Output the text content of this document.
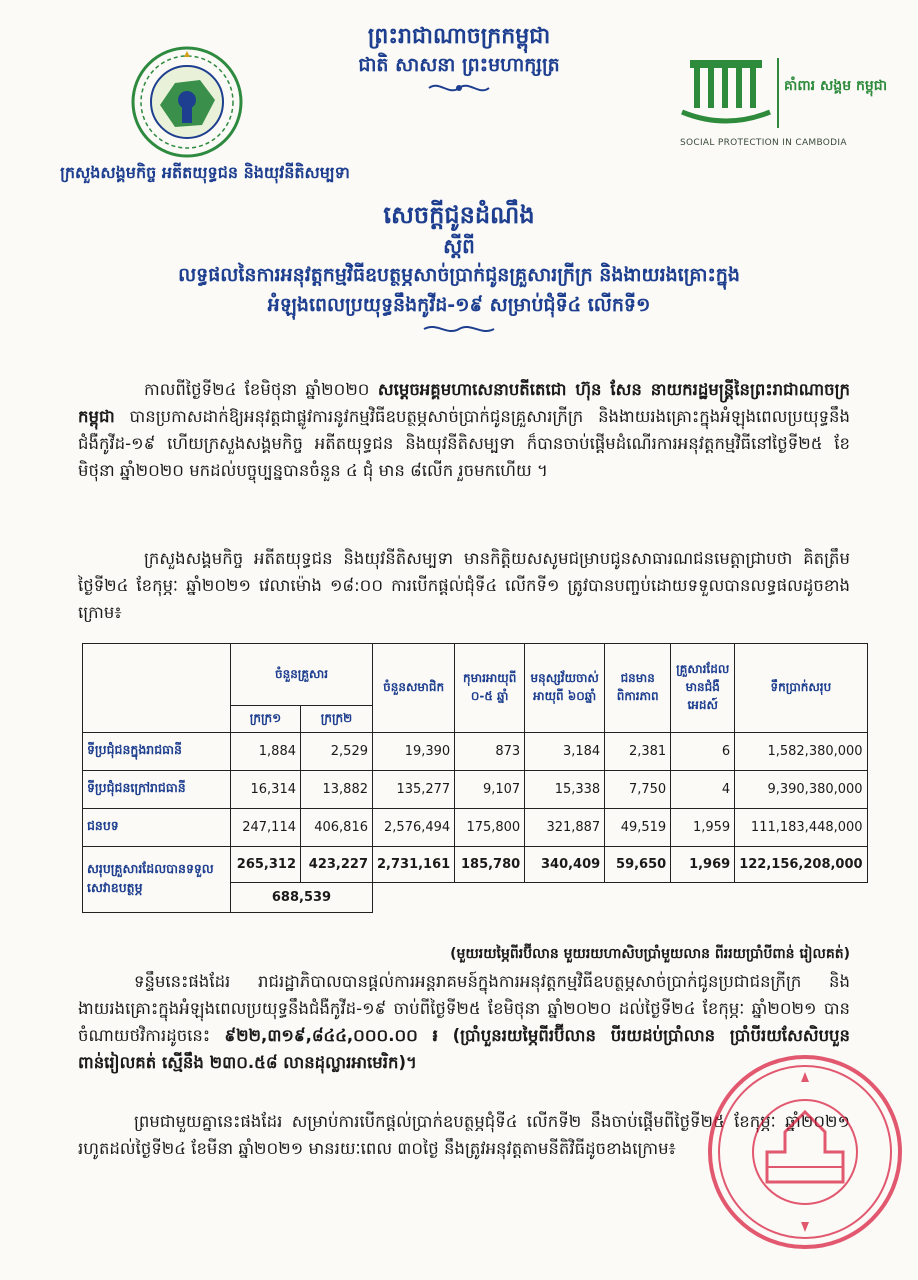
ព្រះរាជាណាចក្រកម្ពុជា
ជាតិ សាសនា ព្រះមហាក្សត្រ
ក្រសួងសង្គមកិច្ច អតីតយុទ្ធជន និងយុវនីតិសម្បទា
គាំពារ សង្គម កម្ពុជា
SOCIAL PROTECTION IN CAMBODIA
សេចក្តីជូនដំណឹង
ស្តីពី
លទ្ធផលនៃការអនុវត្តកម្មវិធីឧបត្ថម្ភសាច់ប្រាក់ជូនគ្រួសារក្រីក្រ និងងាយរងគ្រោះក្នុង
អំឡុងពេលប្រយុទ្ធនឹងកូវីដ-១៩ សម្រាប់ជុំទី៤ លើកទី១
កាលពីថ្ងៃទី២៤ ខែមិថុនា ឆ្នាំ២០២០ សម្តេចអគ្គមហាសេនាបតីតេជោ ហ៊ុន សែន នាយករដ្ឋមន្ត្រីនៃព្រះរាជាណាចក្រកម្ពុជា បានប្រកាសដាក់ឱ្យអនុវត្តជាផ្លូវការនូវកម្មវិធីឧបត្ថម្ភសាច់ប្រាក់ជូនគ្រួសារក្រីក្រ និងងាយរងគ្រោះក្នុងអំឡុងពេលប្រយុទ្ធនឹងជំងឺកូវីដ-១៩ ហើយក្រសួងសង្គមកិច្ច អតីតយុទ្ធជន និងយុវនីតិសម្បទា ក៏បានចាប់ផ្តើមដំណើរការអនុវត្តកម្មវិធីនៅថ្ងៃទី២៥ ខែមិថុនា ឆ្នាំ២០២០ មកដល់បច្ចុប្បន្នបានចំនួន ៤ ជុំ មាន ៨លើក រួចមកហើយ ។
ក្រសួងសង្គមកិច្ច អតីតយុទ្ធជន និងយុវនីតិសម្បទា មានកិត្តិយសសូមជម្រាបជូនសាធារណជនមេត្តាជ្រាបថា គិតត្រឹមថ្ងៃទី២៤ ខែកុម្ភៈ ឆ្នាំ២០២១ វេលាម៉ោង ១៨:០០ ការបើកផ្តល់ជុំទី៤ លើកទី១ ត្រូវបានបញ្ចប់ដោយទទួលបានលទ្ធផលដូចខាងក្រោម៖
	ចំនួនគ្រួសារ		ចំនួនសមាជិក	កុមារអាយុពី ០-៥ ឆ្នាំ	មនុស្សវ័យចាស់អាយុពី ៦០ឆ្នាំ	ជនមានពិការភាព	គ្រួសារដែលមានជំងឺអេដស៍	ទឹកប្រាក់សរុប
	ក្រក្រ១	ក្រក្រ២						
ទីប្រជុំជនក្នុងរាជធានី	1,884	2,529	19,390	873	3,184	2,381	6	1,582,380,000
ទីប្រជុំជនក្រៅរាជធានី	16,314	13,882	135,277	9,107	15,338	7,750	4	9,390,380,000
ជនបទ	247,114	406,816	2,576,494	175,800	321,887	49,519	1,959	111,183,448,000
សរុបគ្រួសារដែលបានទទួលសេវាឧបត្ថម្ភ	265,312	423,227	2,731,161	185,780	340,409	59,650	1,969	122,156,208,000
	688,539							
(មួយរយម្ភៃពីរប៊ីលាន មួយរយហាសិបប្រាំមួយលាន ពីររយប្រាំបីពាន់ រៀលគត់)
ទន្ទឹមនេះផងដែរ រាជរដ្ឋាភិបាលបានផ្តល់ការអន្តរាគមន៍ក្នុងការអនុវត្តកម្មវិធីឧបត្ថម្ភសាច់ប្រាក់ជូនប្រជាជនក្រីក្រ និងងាយរងគ្រោះក្នុងអំឡុងពេលប្រយុទ្ធនឹងជំងឺកូវីដ-១៩ ចាប់ពីថ្ងៃទី២៥ ខែមិថុនា ឆ្នាំ២០២០ ដល់ថ្ងៃទី២៤ ខែកុម្ភៈ ឆ្នាំ២០២១ បានចំណាយថវិការដូចនេះ ៩២២,៣១៩,៨៤៤,០០០.០០ ៛ (ប្រាំបួនរយម្ភៃពីរប៊ីលាន បីរយដប់ប្រាំលាន ប្រាំបីរយសែសិបបួនពាន់រៀលគត់ ស្មើនឹង ២៣០.៥៨ លានដុល្លារអាមេរិក)។
ព្រមជាមួយគ្នានេះផងដែរ សម្រាប់ការបើកផ្តល់ប្រាក់ឧបត្ថម្ភជុំទី៤ លើកទី២ នឹងចាប់ផ្តើមពីថ្ងៃទី២៥ ខែកុម្ភៈ ឆ្នាំ២០២១ រហូតដល់ថ្ងៃទី២៤ ខែមីនា ឆ្នាំ២០២១ មានរយៈពេល ៣០ថ្ងៃ នឹងត្រូវអនុវត្តតាមនីតិវិធីដូចខាងក្រោម៖
